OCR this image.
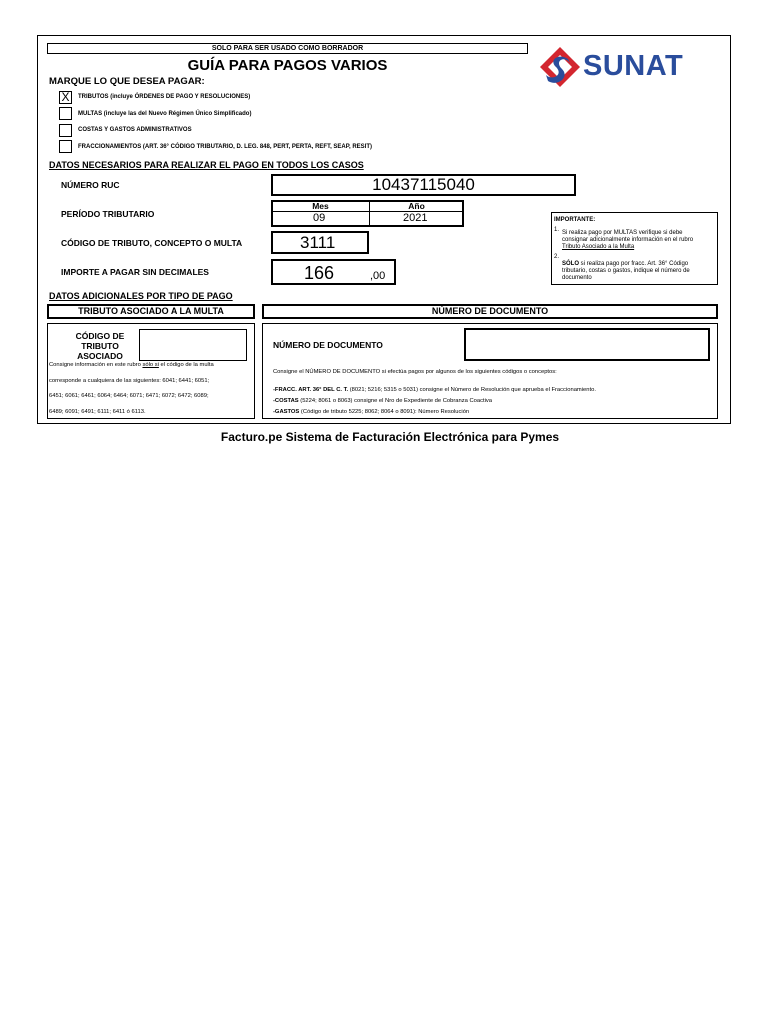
SOLO PARA SER USADO COMO BORRADOR
GUÍA PARA PAGOS VARIOS	SUNAT
MARQUE LO QUE DESEA PAGAR:
X	TRIBUTOS (incluye ÓRDENES DE PAGO Y RESOLUCIONES)
MULTAS (incluye las del Nuevo Régimen Único Simplificado)
COSTAS Y GASTOS ADMINISTRATIVOS
FRACCIONAMIENTOS (ART. 36° CÓDIGO TRIBUTARIO, D. LEG. 848, PERT, PERTA, REFT, SEAP, RESIT)
DATOS NECESARIOS PARA REALIZAR EL PAGO EN TODOS LOS CASOS
NÚMERO RUC	10437115040
PERÍODO TRIBUTARIO
Mes	Año
09	2021
CÓDIGO DE TRIBUTO, CONCEPTO O MULTA	3111
IMPORTE A PAGAR SIN DECIMALES	166	,00
IMPORTANTE:
1. Si realiza pago por MULTAS verifique si debe
consignar adicionalmente información en el rubro
Tributo Asociado a la Multa
2.
SÓLO si realiza pago por fracc. Art. 36° Código
tributario, costas o gastos, indique el número de
documento
DATOS ADICIONALES POR TIPO DE PAGO
TRIBUTO ASOCIADO A LA MULTA	NÚMERO DE DOCUMENTO
CÓDIGO DE
TRIBUTO
ASOCIADO
Consigne información en este rubro sólo si el código de la multa
corresponde a cualquiera de las siguientes: 6041; 6441; 6051;
6451; 6061; 6461; 6064; 6464; 6071; 6471; 6072; 6472; 6089;
6489; 6091; 6491; 6111; 6411 ó 6113.
NÚMERO DE DOCUMENTO
Consigne el NÚMERO DE DOCUMENTO si efectúa pagos por algunos de los siguientes códigos o conceptos:
-FRACC. ART. 36° DEL C. T. (8021; 5216; 5315 o 5031) consigne el Número de Resolución que aprueba el Fraccionamiento.
-COSTAS (5224; 8061 o 8063) consigne el Nro de Expediente de Cobranza Coactiva
-GASTOS (Código de tributo 5225; 8062; 8064 o 8091): Número Resolución
Facturo.pe Sistema de Facturación Electrónica para Pymes
